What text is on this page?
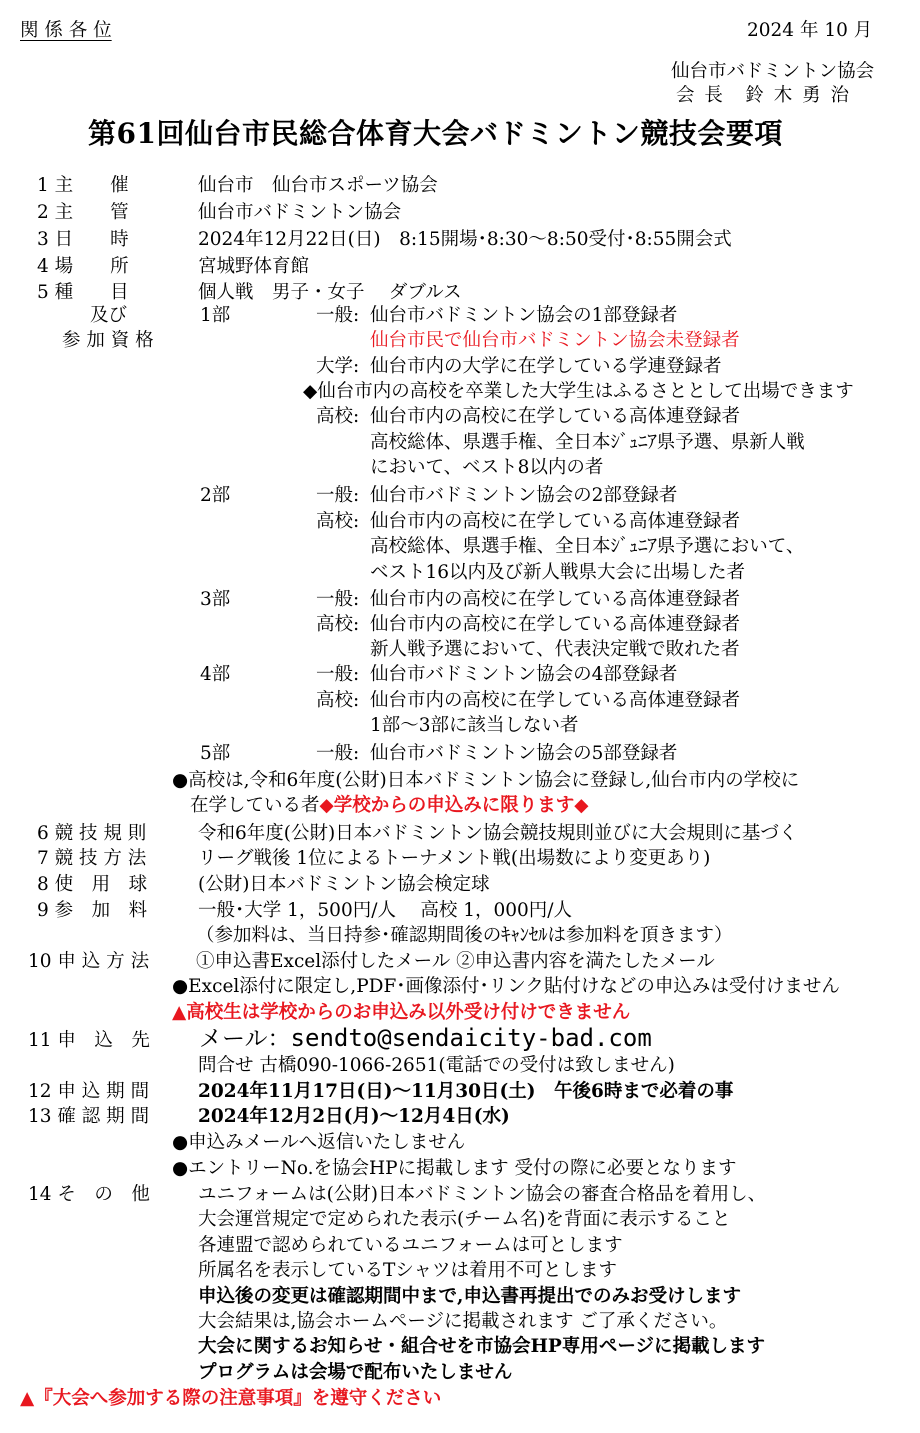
関 係 各 位	2024 年 10 月
仙台市バドミントン協会
会 長　鈴 木 勇 治
第61回仙台市民総合体育大会バドミントン競技会要項
1 主　　催	仙台市　仙台市スポーツ協会
2 主　　管	仙台市バドミントン協会
3 日　　時	2024年12月22日(日)　8:15開場･8:30～8:50受付･8:55開会式
4 場　　所	宮城野体育館
5 種　　目	個人戦　男子・女子　 ダブルス
及び
参 加 資 格
1部	一般: 仙台市バドミントン協会の1部登録者
仙台市民で仙台市バドミントン協会未登録者
大学: 仙台市内の大学に在学している学連登録者
◆仙台市内の高校を卒業した大学生はふるさととして出場できます
高校: 仙台市内の高校に在学している高体連登録者
高校総体、県選手権、全日本ｼﾞｭﾆｱ県予選、県新人戦
において、ベスト8以内の者
2部	一般: 仙台市バドミントン協会の2部登録者
高校: 仙台市内の高校に在学している高体連登録者
高校総体、県選手権、全日本ｼﾞｭﾆｱ県予選において、
ベスト16以内及び新人戦県大会に出場した者
3部	一般: 仙台市内の高校に在学している高体連登録者
高校: 仙台市内の高校に在学している高体連登録者
新人戦予選において、代表決定戦で敗れた者
4部	一般: 仙台市バドミントン協会の4部登録者
高校: 仙台市内の高校に在学している高体連登録者
1部～3部に該当しない者
5部	一般: 仙台市バドミントン協会の5部登録者
●高校は,令和6年度(公財)日本バドミントン協会に登録し,仙台市内の学校に
在学している者◆学校からの申込みに限ります◆
6 競 技 規 則	令和6年度(公財)日本バドミントン協会競技規則並びに大会規則に基づく
7 競 技 方 法	リーグ戦後 1位によるトーナメント戦(出場数により変更あり)
8 使　用　球	(公財)日本バドミントン協会検定球
9 参　加　料	一般･大学 1，500円/人　 高校 1，000円/人
（参加料は、当日持参･確認期間後のｷｬﾝｾﾙは参加料を頂きます）
10 申 込 方 法	①申込書Excel添付したメール ②申込書内容を満たしたメール
●Excel添付に限定し,PDF･画像添付･リンク貼付けなどの申込みは受付けません
▲高校生は学校からのお申込み以外受け付けできません
11 申　込　先 メール：sendto@sendaicity-bad.com
問合せ 古橋090-1066-2651(電話での受付は致しません)
12 申 込 期 間	2024年11月17日(日)～11月30日(土)　午後6時まで必着の事
13 確 認 期 間	2024年12月2日(月)～12月4日(水)
●申込みメールへ返信いたしません
●エントリーNo.を協会HPに掲載します 受付の際に必要となります
14 そ　の　他	ユニフォームは(公財)日本バドミントン協会の審査合格品を着用し、
大会運営規定で定められた表示(チーム名)を背面に表示すること
各連盟で認められているユニフォームは可とします
所属名を表示しているTシャツは着用不可とします
申込後の変更は確認期間中まで,申込書再提出でのみお受けします
大会結果は,協会ホームページに掲載されます ご了承ください。
大会に関するお知らせ・組合せを市協会HP専用ページに掲載します
プログラムは会場で配布いたしません
▲『大会へ参加する際の注意事項』を遵守ください
